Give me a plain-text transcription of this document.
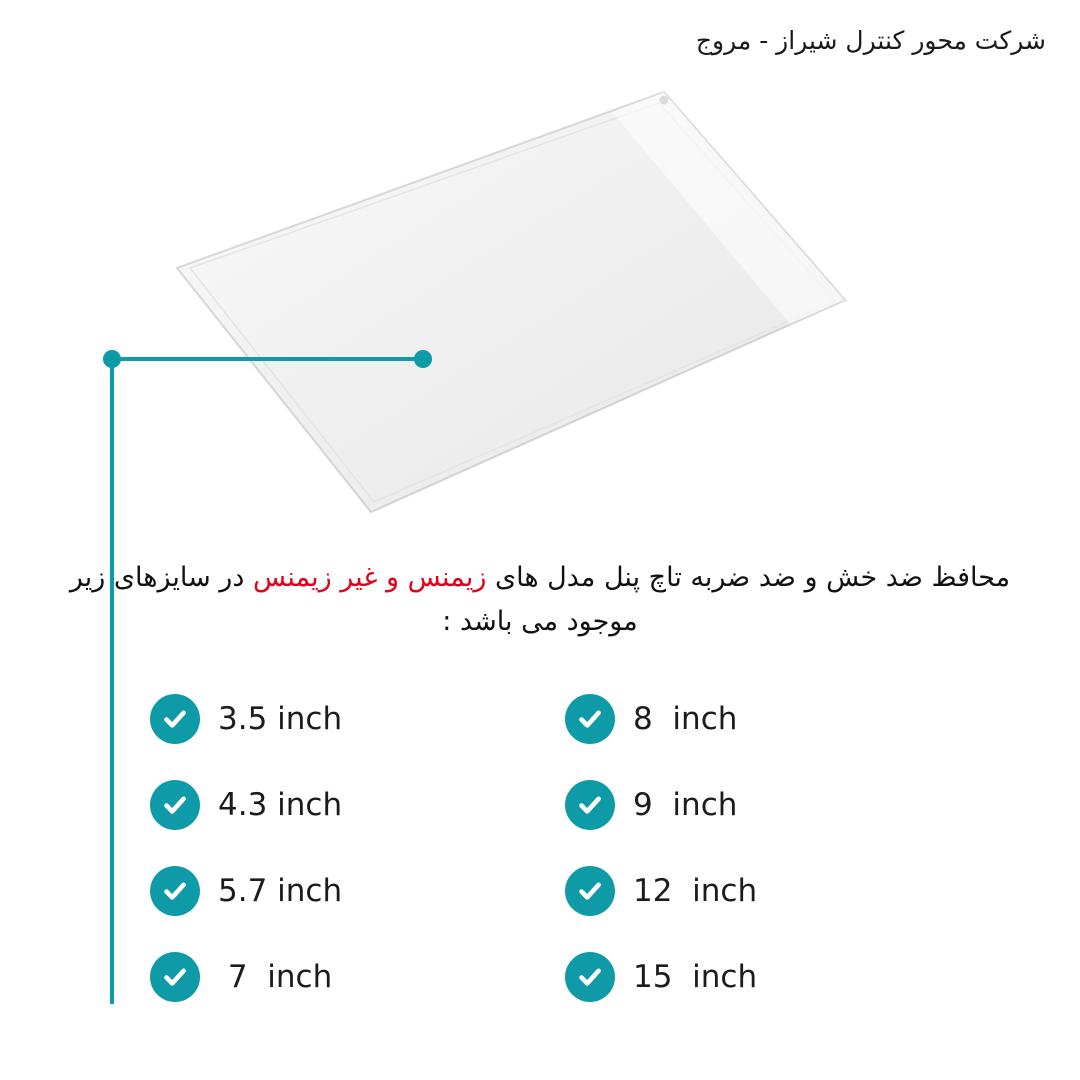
شرکت محور کنترل شیراز - مروج
محافظ ضد خش و ضد ضربه تاچ پنل مدل های زیمنس و غیر زیمنس در سایزهای زیر موجود می باشد :
3.5 inch	8  inch
4.3 inch	9  inch
5.7 inch	12  inch
7  inch	15  inch
